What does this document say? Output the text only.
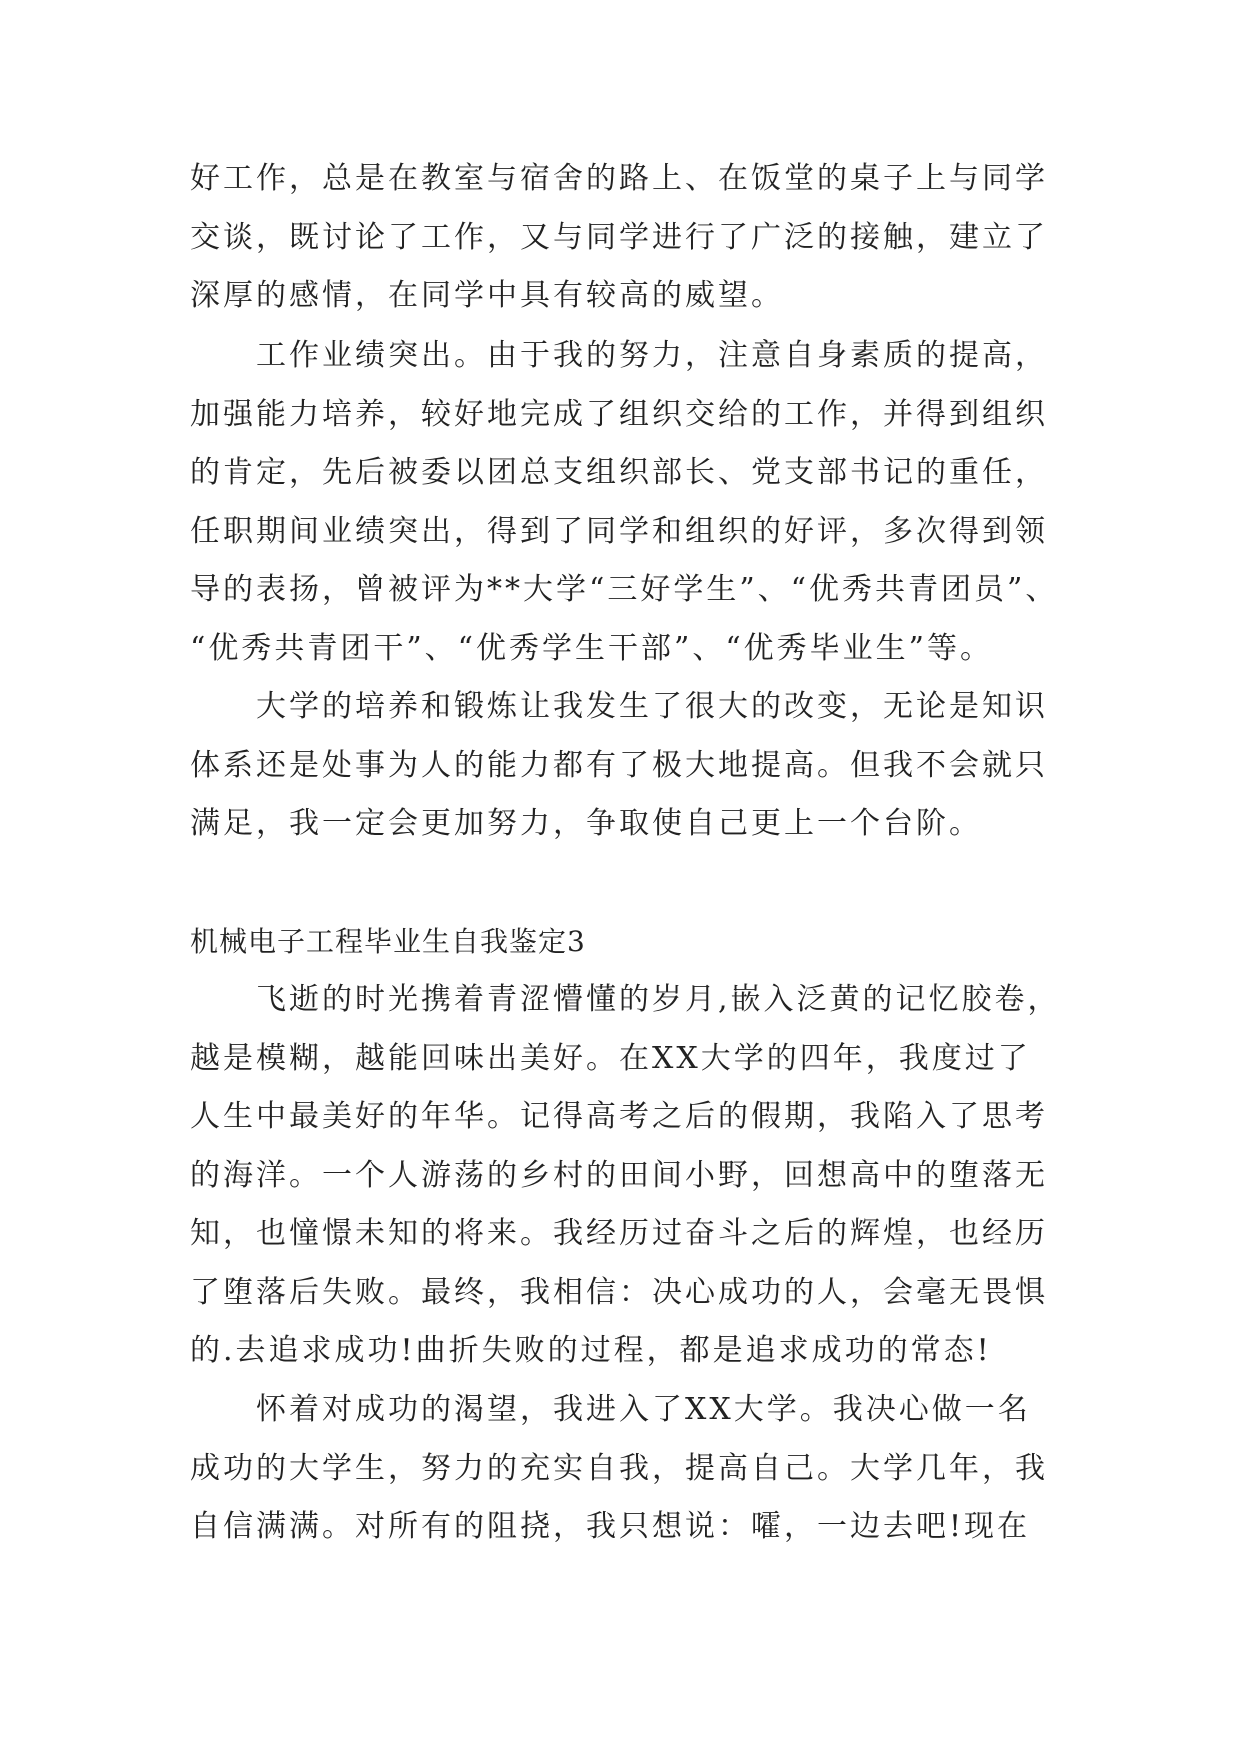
好工作，总是在教室与宿舍的路上、在饭堂的桌子上与同学
交谈，既讨论了工作，又与同学进行了广泛的接触，建立了
深厚的感情，在同学中具有较高的威望。
工作业绩突出。由于我的努力，注意自身素质的提高，
加强能力培养，较好地完成了组织交给的工作，并得到组织
的肯定，先后被委以团总支组织部长、党支部书记的重任，
任职期间业绩突出，得到了同学和组织的好评，多次得到领
导的表扬，曾被评为**大学“三好学生”、“优秀共青团员”、
“优秀共青团干”、“优秀学生干部”、“优秀毕业生”等。
大学的培养和锻炼让我发生了很大的改变，无论是知识
体系还是处事为人的能力都有了极大地提高。但我不会就只
满足，我一定会更加努力，争取使自己更上一个台阶。
机械电子工程毕业生自我鉴定3
飞逝的时光携着青涩懵懂的岁月,嵌入泛黄的记忆胶卷，
越是模糊，越能回味出美好。在XX大学的四年，我度过了
人生中最美好的年华。记得高考之后的假期，我陷入了思考
的海洋。一个人游荡的乡村的田间小野，回想高中的堕落无
知，也憧憬未知的将来。我经历过奋斗之后的辉煌，也经历
了堕落后失败。最终，我相信：决心成功的人，会毫无畏惧
的.去追求成功!曲折失败的过程，都是追求成功的常态!
怀着对成功的渴望，我进入了XX大学。我决心做一名
成功的大学生，努力的充实自我，提高自己。大学几年，我
自信满满。对所有的阻挠，我只想说：嚯，一边去吧!现在
